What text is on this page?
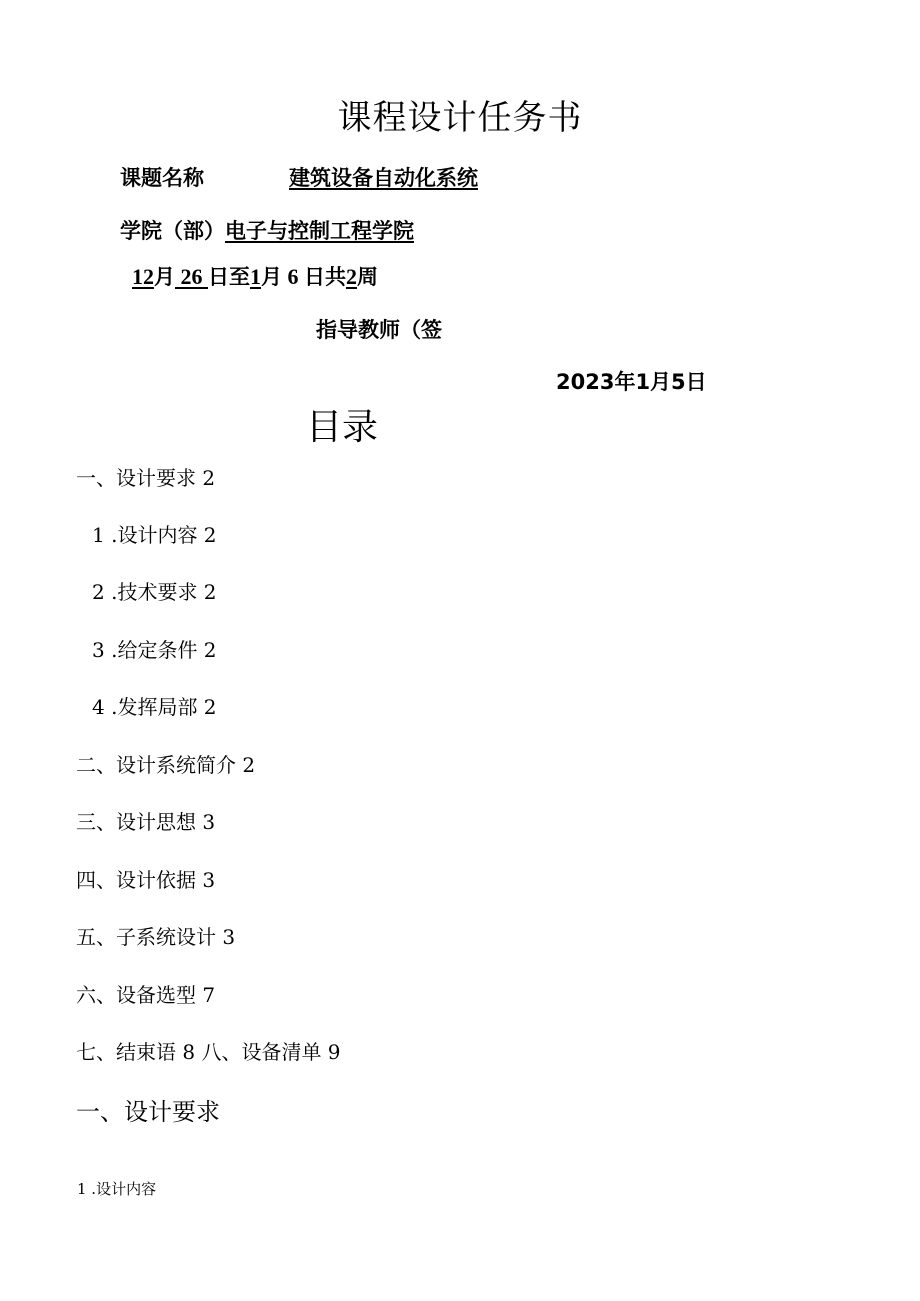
课程设计任务书
课题名称	建筑设备自动化系统
学院（部）电子与控制工程学院
12月 26 日至1月 6 日共2周
指导教师（签
2023年1月5日
目录
一、设计要求 2
1 .设计内容 2
2 .技术要求 2
3 .给定条件 2
4 .发挥局部 2
二、设计系统简介 2
三、设计思想 3
四、设计依据 3
五、子系统设计 3
六、设备选型 7
七、结束语 8 八、设备清单 9
一、设计要求
1 .设计内容
